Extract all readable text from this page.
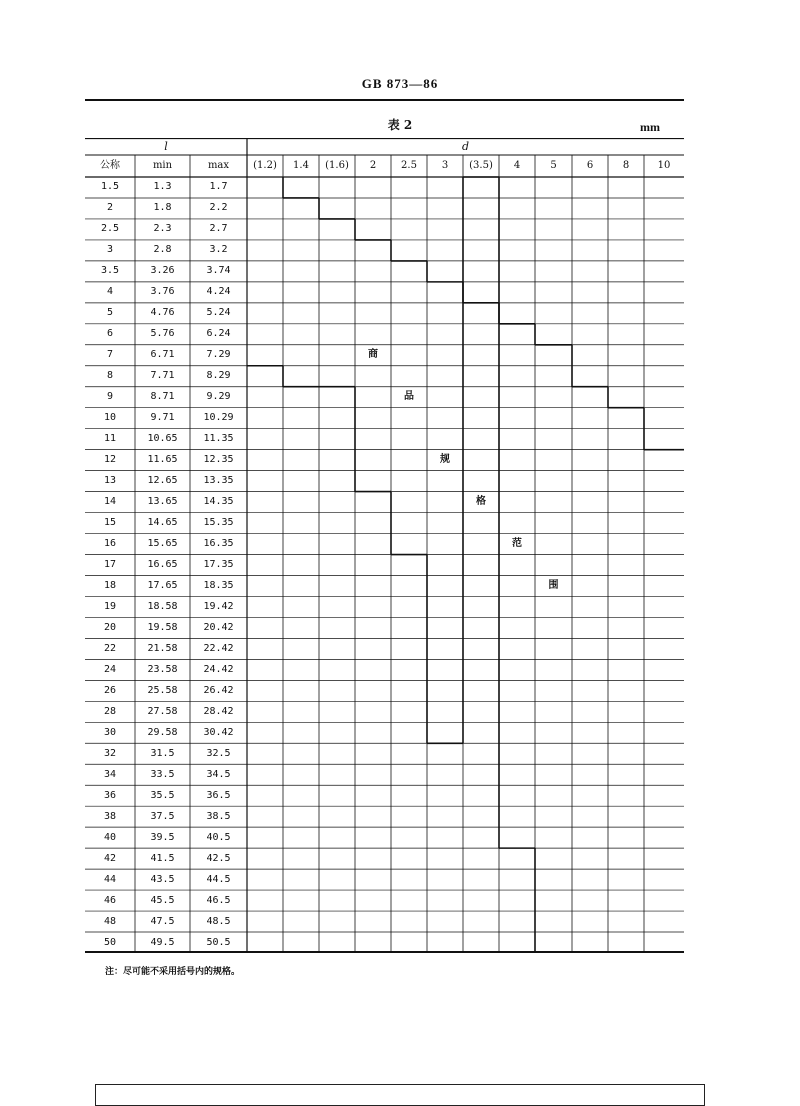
GB 873—86
表 2	mm
l	d
公称	min	max	(1.2)	1.4	(1.6)	2	2.5	3	(3.5)	4	5	6	8	10
1.5	1.3	1.7
2	1.8	2.2
2.5	2.3	2.7
3	2.8	3.2
3.5	3.26	3.74
4	3.76	4.24
5	4.76	5.24
6	5.76	6.24
7	6.71	7.29
8	7.71	8.29
9	8.71	9.29
10	9.71	10.29
11	10.65	11.35
12	11.65	12.35
13	12.65	13.35
14	13.65	14.35
15	14.65	15.35
16	15.65	16.35
17	16.65	17.35
18	17.65	18.35
19	18.58	19.42
20	19.58	20.42
22	21.58	22.42
24	23.58	24.42
26	25.58	26.42
28	27.58	28.42
30	29.58	30.42
32	31.5	32.5
34	33.5	34.5
36	35.5	36.5
38	37.5	38.5
40	39.5	40.5
42	41.5	42.5
44	43.5	44.5
46	45.5	46.5
48	47.5	48.5
50	49.5	50.5
商
品
规
格
范
围
注：尽可能不采用括号内的规格。
